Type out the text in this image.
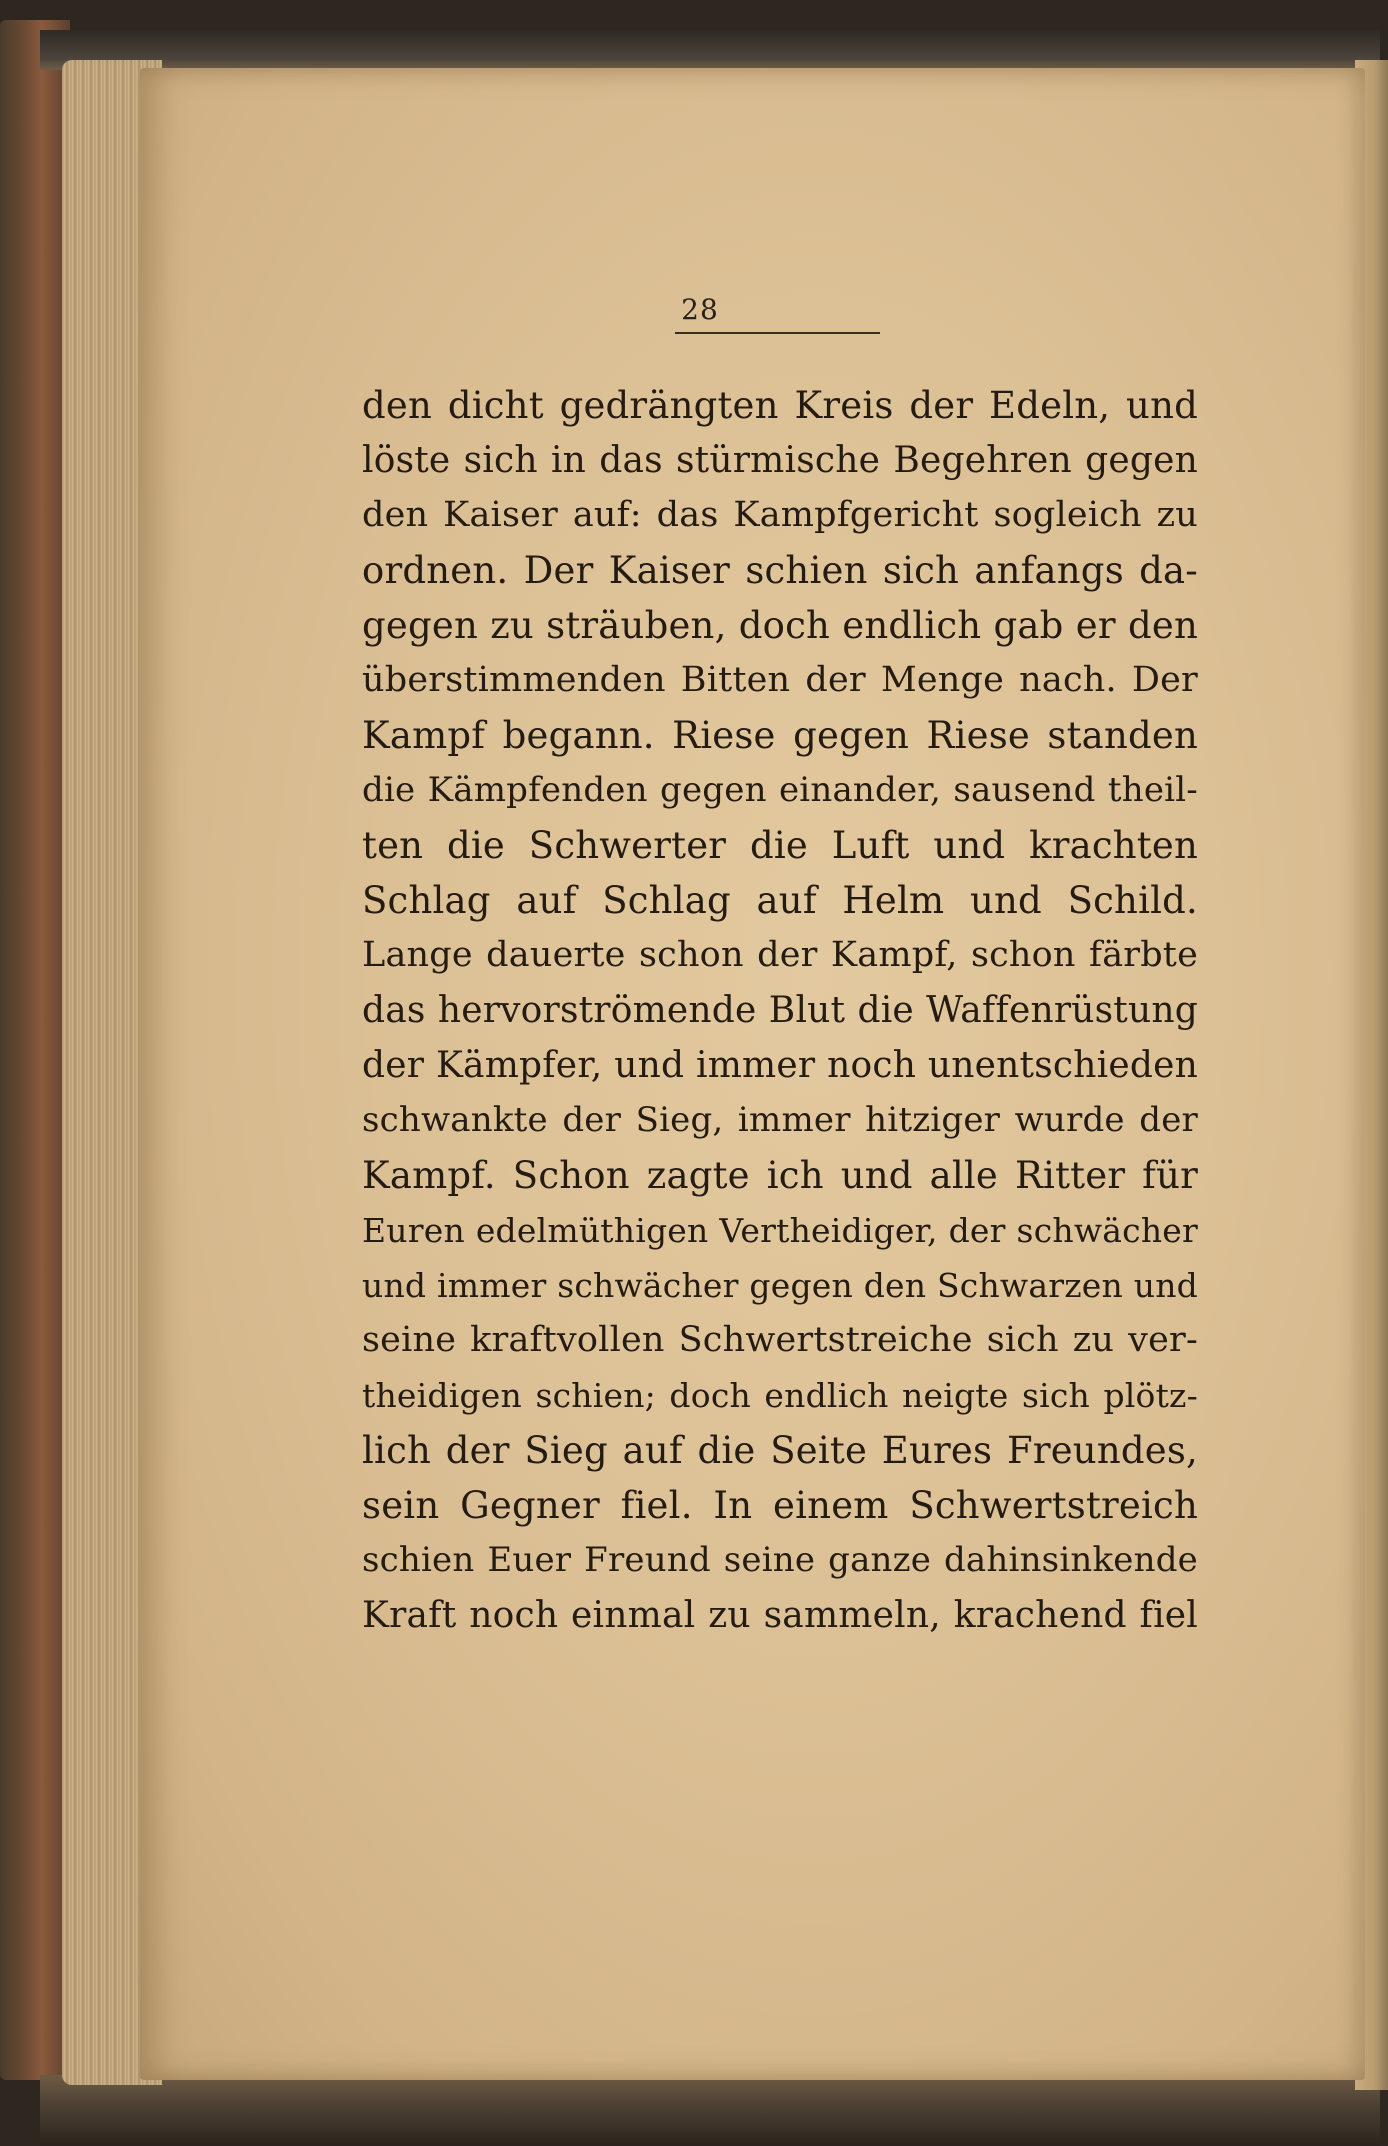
28
den dicht gedrängten Kreis der Edeln, und
löste sich in das stürmische Begehren gegen
den Kaiser auf: das Kampfgericht sogleich zu
ordnen. Der Kaiser schien sich anfangs da-
gegen zu sträuben, doch endlich gab er den
überstimmenden Bitten der Menge nach. Der
Kampf begann. Riese gegen Riese standen
die Kämpfenden gegen einander, sausend theil-
ten die Schwerter die Luft und krachten
Schlag auf Schlag auf Helm und Schild.
Lange dauerte schon der Kampf, schon färbte
das hervorströmende Blut die Waffenrüstung
der Kämpfer, und immer noch unentschieden
schwankte der Sieg, immer hitziger wurde der
Kampf. Schon zagte ich und alle Ritter für
Euren edelmüthigen Vertheidiger, der schwächer
und immer schwächer gegen den Schwarzen und
seine kraftvollen Schwertstreiche sich zu ver-
theidigen schien; doch endlich neigte sich plötz-
lich der Sieg auf die Seite Eures Freundes,
sein Gegner fiel. In einem Schwertstreich
schien Euer Freund seine ganze dahinsinkende
Kraft noch einmal zu sammeln, krachend fiel
